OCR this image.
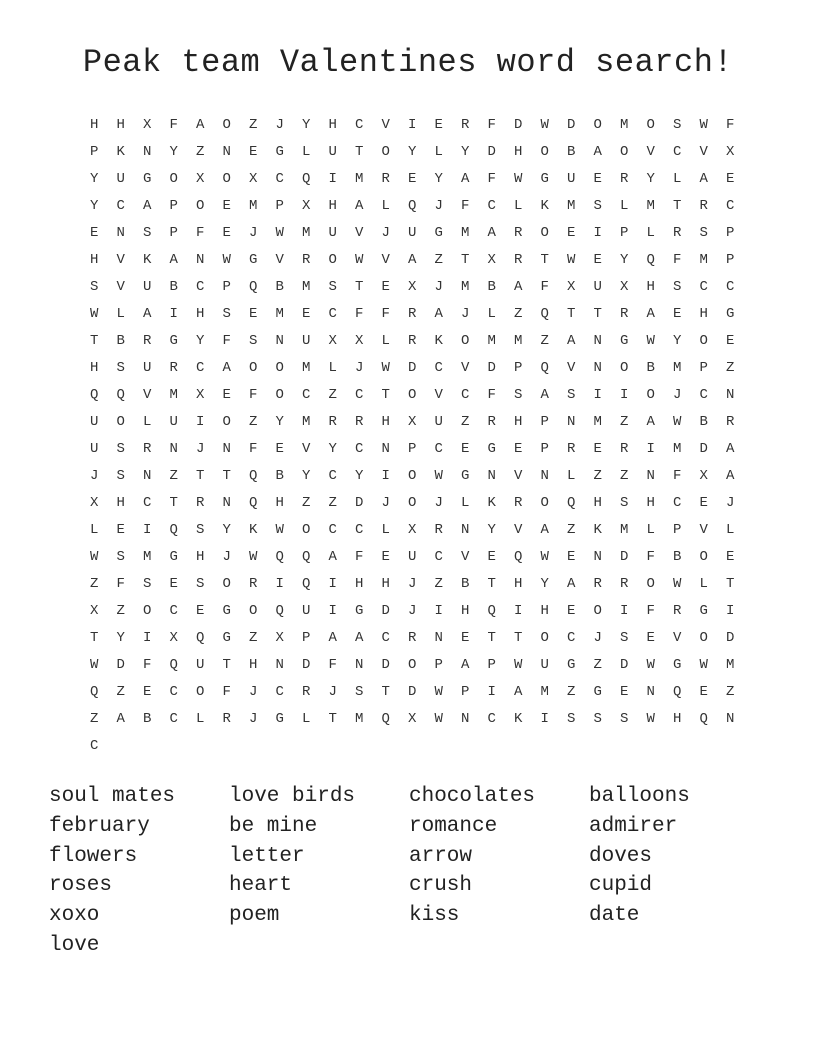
Peak team Valentines word search!
H	H	X	F	A	O	Z	J	Y	H	C	V	I	E	R	F	D	W	D	O	M	O	S	W	F
P	K	N	Y	Z	N	E	G	L	U	T	O	Y	L	Y	D	H	O	B	A	O	V	C	V	X
Y	U	G	O	X	O	X	C	Q	I	M	R	E	Y	A	F	W	G	U	E	R	Y	L	A	E
Y	C	A	P	O	E	M	P	X	H	A	L	Q	J	F	C	L	K	M	S	L	M	T	R	C
E	N	S	P	F	E	J	W	M	U	V	J	U	G	M	A	R	O	E	I	P	L	R	S	P
H	V	K	A	N	W	G	V	R	O	W	V	A	Z	T	X	R	T	W	E	Y	Q	F	M	P
S	V	U	B	C	P	Q	B	M	S	T	E	X	J	M	B	A	F	X	U	X	H	S	C	C
W	L	A	I	H	S	E	M	E	C	F	F	R	A	J	L	Z	Q	T	T	R	A	E	H	G
T	B	R	G	Y	F	S	N	U	X	X	L	R	K	O	M	M	Z	A	N	G	W	Y	O	E
H	S	U	R	C	A	O	O	M	L	J	W	D	C	V	D	P	Q	V	N	O	B	M	P	Z
Q	Q	V	M	X	E	F	O	C	Z	C	T	O	V	C	F	S	A	S	I	I	O	J	C	N
U	O	L	U	I	O	Z	Y	M	R	R	H	X	U	Z	R	H	P	N	M	Z	A	W	B	R
U	S	R	N	J	N	F	E	V	Y	C	N	P	C	E	G	E	P	R	E	R	I	M	D	A
J	S	N	Z	T	T	Q	B	Y	C	Y	I	O	W	G	N	V	N	L	Z	Z	N	F	X	A
X	H	C	T	R	N	Q	H	Z	Z	D	J	O	J	L	K	R	O	Q	H	S	H	C	E	J
L	E	I	Q	S	Y	K	W	O	C	C	L	X	R	N	Y	V	A	Z	K	M	L	P	V	L
W	S	M	G	H	J	W	Q	Q	A	F	E	U	C	V	E	Q	W	E	N	D	F	B	O	E
Z	F	S	E	S	O	R	I	Q	I	H	H	J	Z	B	T	H	Y	A	R	R	O	W	L	T
X	Z	O	C	E	G	O	Q	U	I	G	D	J	I	H	Q	I	H	E	O	I	F	R	G	I
T	Y	I	X	Q	G	Z	X	P	A	A	C	R	N	E	T	T	O	C	J	S	E	V	O	D
W	D	F	Q	U	T	H	N	D	F	N	D	O	P	A	P	W	U	G	Z	D	W	G	W	M
Q	Z	E	C	O	F	J	C	R	J	S	T	D	W	P	I	A	M	Z	G	E	N	Q	E	Z
Z	A	B	C	L	R	J	G	L	T	M	Q	X	W	N	C	K	I	S	S	S	W	H	Q	N
C
soul mates	love birds	chocolates	balloons
february	be mine	romance	admirer
flowers	letter	arrow	doves
roses	heart	crush	cupid
xoxo	poem	kiss	date
love
